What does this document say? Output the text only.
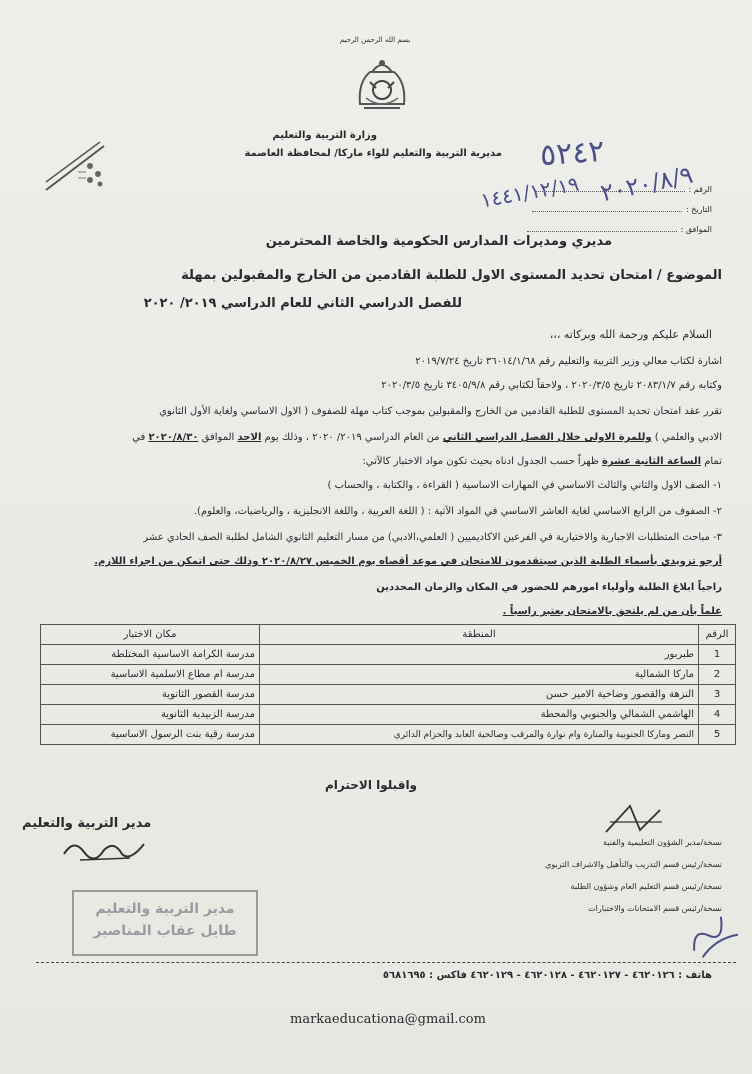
بسم الله الرحمن الرحيم
وزارة التربية والتعليم
مديرية التربية والتعليم للواء ماركا/ لمحافظة العاصمة ٥٢٤٢
الرقم :
التاريخ :
الموافق :
٢٠٢٠/٨/٩
١٤٤١/١٢/١٩
مديري ومديرات المدارس الحكومية والخاصة المحترمين
الموضوع / امتحان تحديد المستوى الاول للطلبة القادمين من الخارج والمقبولين بمهلة
للفصل الدراسي الثاني للعام الدراسي ٢٠١٩/ ٢٠٢٠
السلام عليكم ورحمة الله وبركاته ،،،
اشارة لكتاب معالي وزير التربية والتعليم رقم ٣٦٠١٤/١/٦٨ تاريخ ٢٠١٩/٧/٢٤
وكتابه رقم ٢٠٨٣/١/٧ تاريخ ٢٠٢٠/٣/٥ ، ولاحقاً لكتابي رقم ٣٤٠٥/٩/٨ تاريخ ٢٠٢٠/٣/٥
تقرر عقد امتحان تحديد المستوى للطلبة القادمين من الخارج والمقبولين بموجب كتاب مهلة للصفوف ( الاول الاساسي ولغاية الأول الثانوي
الادبي والعلمي ) وللمرة الاولى خلال الفصل الدراسي الثاني من العام الدراسي ٢٠١٩/ ٢٠٢٠ ، وذلك يوم الاحد الموافق ٢٠٢٠/٨/٣٠ في
تمام الساعة الثانية عشرة ظهراً حسب الجدول ادناه بحيث تكون مواد الاختبار كالآتي:
١- الصف الاول والثاني والثالث الاساسي في المهارات الاساسية ( القراءة ، والكتابة ، والحساب )
٢- الصفوف من الرابع الاساسي لغاية العاشر الاساسي في المواد الآتية : ( اللغة العربية ، واللغة الانجليزية ، والرياضيات، والعلوم).
٣- مباحث المتطلبات الاجبارية والاختيارية في الفرعين الاكاديميين ( العلمي،الادبي) من مسار التعليم الثانوي الشامل لطلبة الصف الحادي عشر
أرجو تزويدي بأسماء الطلبة الذين سيتقدمون للامتحان في موعد أقصاه يوم الخميس ٢٠٢٠/٨/٢٧ وذلك حتى اتمكن من اجراء اللازم.
راجياً ابلاغ الطلبة وأولياء امورهم للحضور في المكان والزمان المحددين
علماً بأن من لم يلتحق بالامتحان يعتبر راسباً .
الرقم	المنطقة	مكان الاختبار
1	طبربور	مدرسة الكرامة الاساسية المختلطة
2	ماركا الشمالية	مدرسة ام مطاع الاسلمية الاساسية
3	النزهة والقصور وضاحية الامير حسن	مدرسة القصور الثانوية
4	الهاشمي الشمالي والجنوبي والمحطة	مدرسة الزبيدية الثانوية
5	النصر وماركا الجنوبية والمنارة وام نوارة والمرقب وصالحية العابد والحزام الدائري	مدرسة رقية بنت الرسول الاساسية
واقبلوا الاحترام
مدير التربية والتعليم
نسخة/مدير الشؤون التعليمية والفنية
نسخة/رئيس قسم التدريب والتأهيل والاشراف التربوي
نسخة/رئيس قسم التعليم العام وشؤون الطلبة
نسخة/رئيس قسم الامتحانات والاختبارات
مدير التربية والتعليم
طايل عقاب المناصير
هاتف : ٤٦٢٠١٢٦ - ٤٦٢٠١٢٧ - ٤٦٢٠١٢٨ - ٤٦٢٠١٢٩ فاكس : ٥٦٨١٦٩٥
markaeducationa@gmail.com
